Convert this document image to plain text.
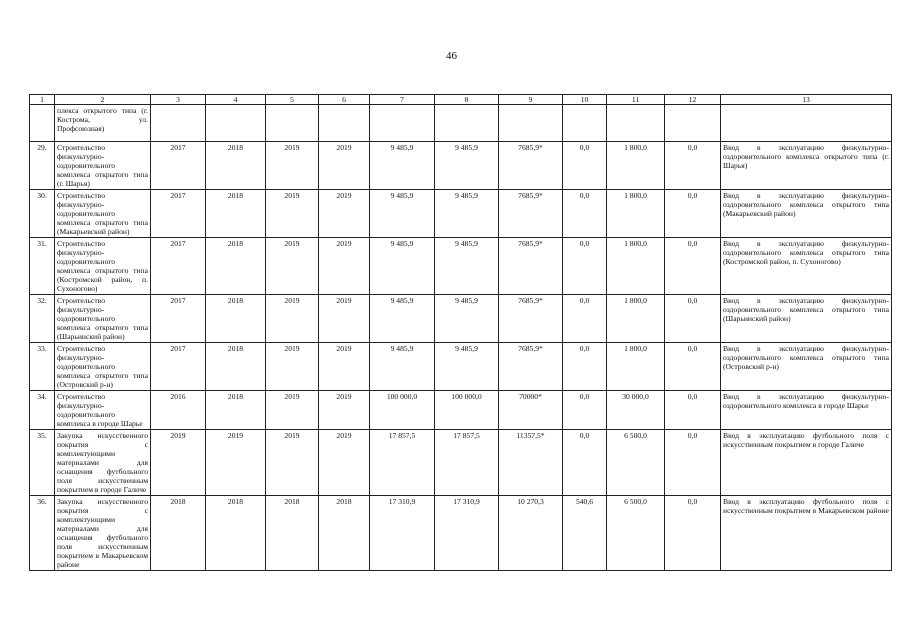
46
1	2	3	4	5	6	7	8	9	10	11	12	13
	плекса открытого типа (г. Кострома, ул. Профсоюзная)											
29.	Строительство физкультурно-оздоровительного комплекса открытого типа (г. Шарья)	2017	2018	2019	2019	9 485,9	9 485,9	7685,9*	0,0	1 800,0	0,0	Ввод в эксплуатацию физкультурно-оздоровительного комплекса открытого типа (г. Шарья)
30.	Строительство физкультурно-оздоровительного комплекса открытого типа (Макарьевский район)	2017	2018	2019	2019	9 485,9	9 485,9	7685,9*	0,0	1 800,0	0,0	Ввод в эксплуатацию физкультурно-оздоровительного комплекса открытого типа (Макарьевский район)
31.	Строительство физкультурно-оздоровительного комплекса открытого типа (Костромской район, п. Сухоногово)	2017	2018	2019	2019	9 485,9	9 485,9	7685,9*	0,0	1 800,0	0,0	Ввод в эксплуатацию физкультурно-оздоровительного комплекса открытого типа (Костромской район, п. Сухоногово)
32.	Строительство физкультурно-оздоровительного комплекса открытого типа (Шарьинский район)	2017	2018	2019	2019	9 485,9	9 485,9	7685,9*	0,0	1 800,0	0,0	Ввод в эксплуатацию физкультурно-оздоровительного комплекса открытого типа (Шарьинский район)
33.	Строительство физкультурно-оздоровительного комплекса открытого типа (Островский р-н)	2017	2018	2019	2019	9 485,9	9 485,9	7685,9*	0,0	1 800,0	0,0	Ввод в эксплуатацию физкультурно-оздоровительного комплекса открытого типа (Островский р-н)
34.	Строительство физкультурно-оздоровительного комплекса в городе Шарье	2016	2018	2019	2019	100 000,0	100 000,0	70000*	0,0	30 000,0	0,0	Ввод в эксплуатацию физкультурно-оздоровительного комплекса в городе Шарье
35.	Закупка искусственного покрытия с комплектующими материалами для оснащения футбольного поля искусственным покрытием в городе Галиче	2019	2019	2019	2019	17 857,5	17 857,5	11357,5*	0,0	6 500,0	0,0	Ввод в эксплуатацию футбольного поля с искусственным покрытием в городе Галиче
36.	Закупка искусственного покрытия с комплектующими материалами для оснащения футбольного поля искусственным покрытием в Макарьевском районе	2018	2018	2018	2018	17 310,9	17 310,9	10 270,3	540,6	6 500,0	0,0	Ввод в эксплуатацию футбольного поля с искусственным покрытием в Макарьевском районе
